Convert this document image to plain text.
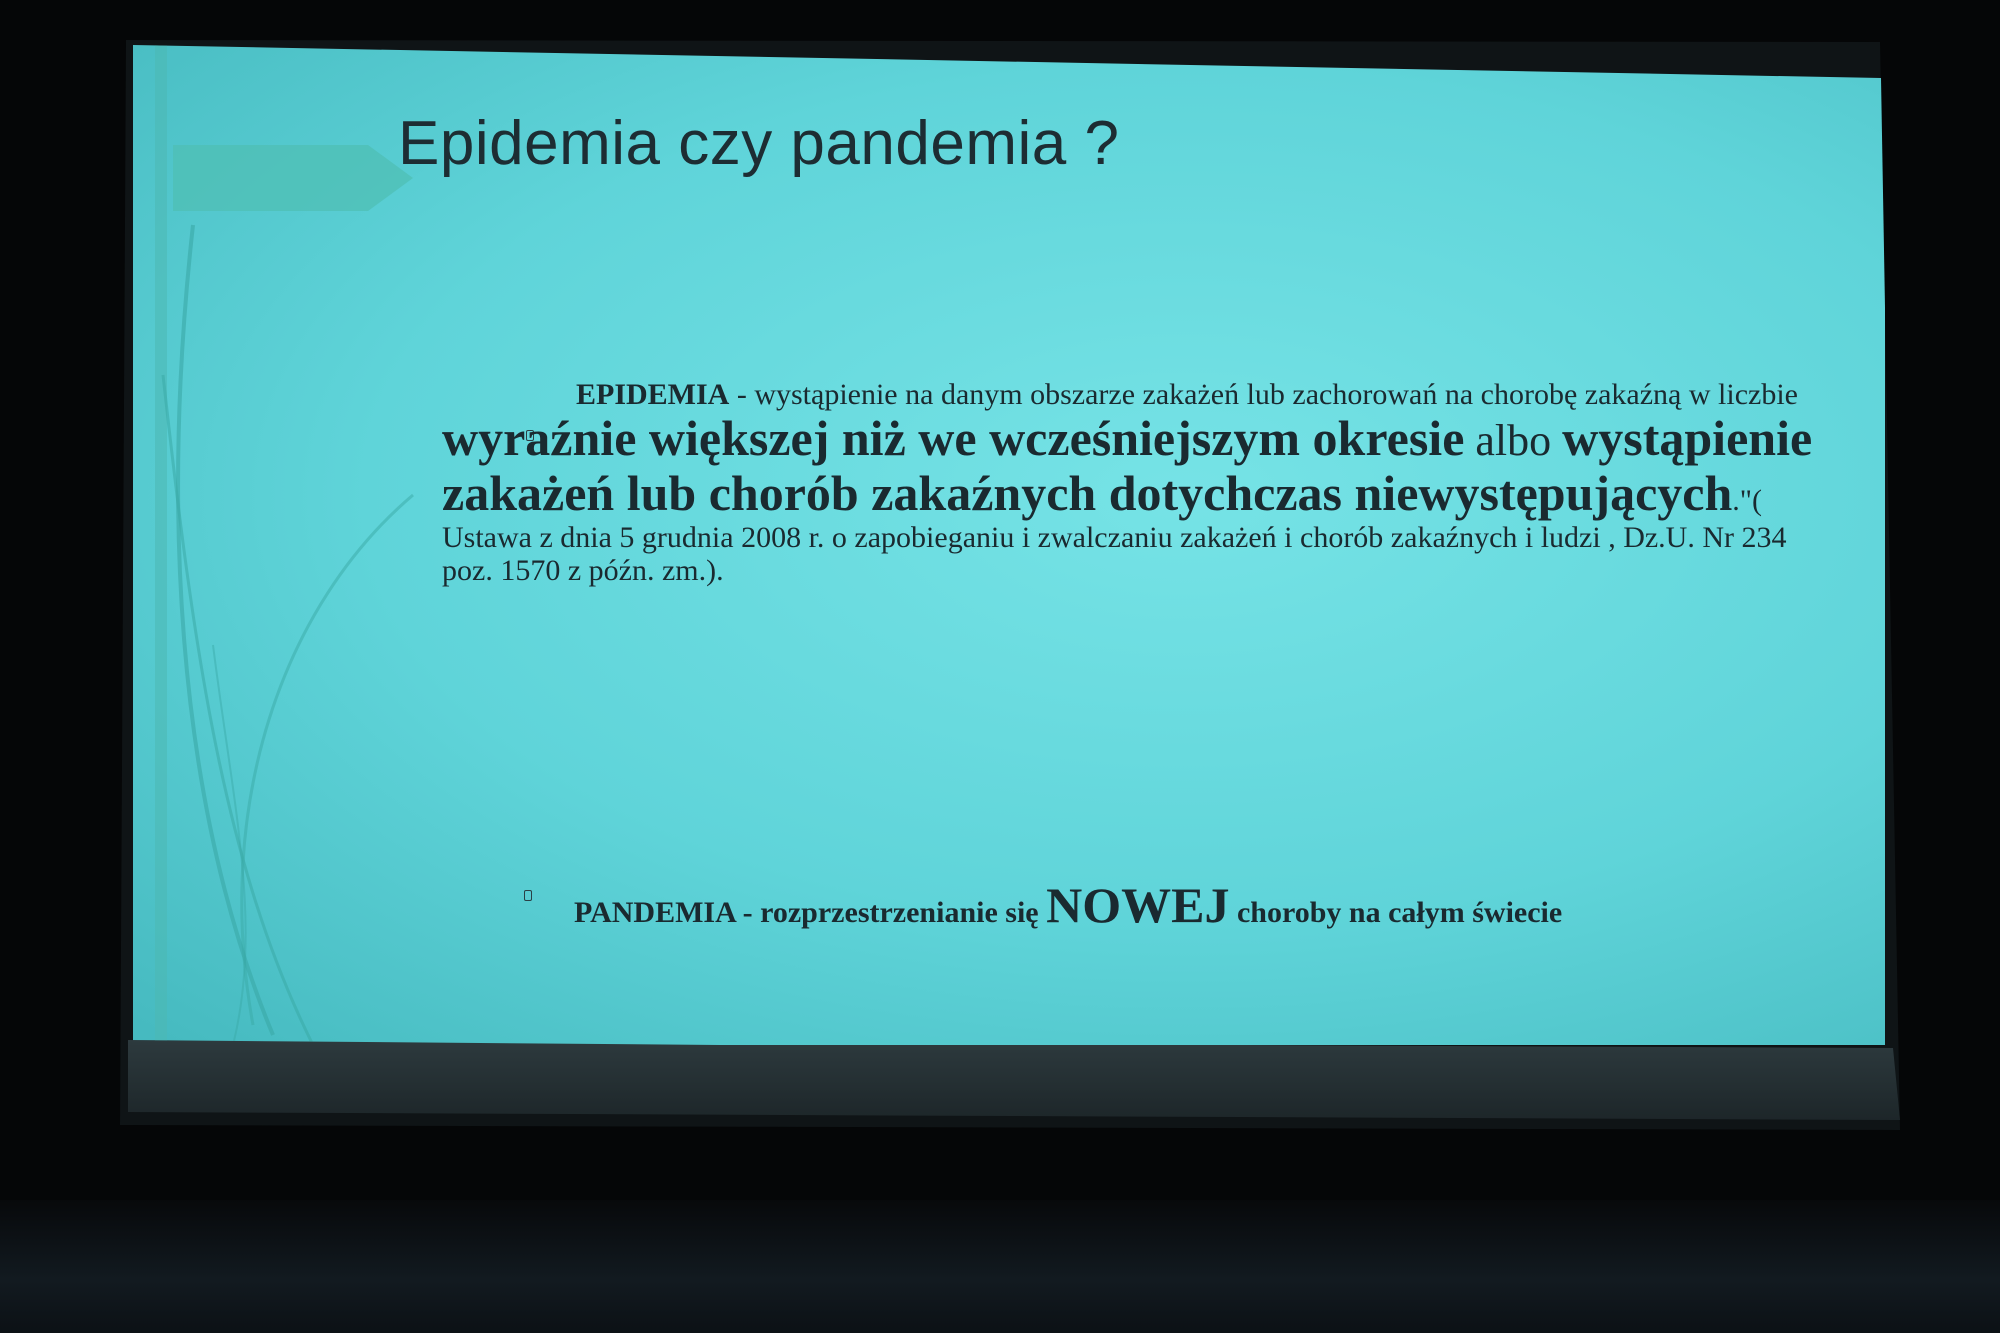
Epidemia czy pandemia ?
EPIDEMIA - wystąpienie na danym obszarze zakażeń lub zachorowań na chorobę zakaźną w liczbie wyraźnie większej niż we wcześniejszym okresie albo wystąpienie zakażeń lub chorób zakaźnych dotychczas niewystępujących."( Ustawa z dnia 5 grudnia 2008 r. o zapobieganiu i zwalczaniu zakażeń i chorób zakaźnych i ludzi , Dz.U. Nr 234 poz. 1570 z późn. zm.).
PANDEMIA - rozprzestrzenianie się NOWEJ choroby na całym świecie
